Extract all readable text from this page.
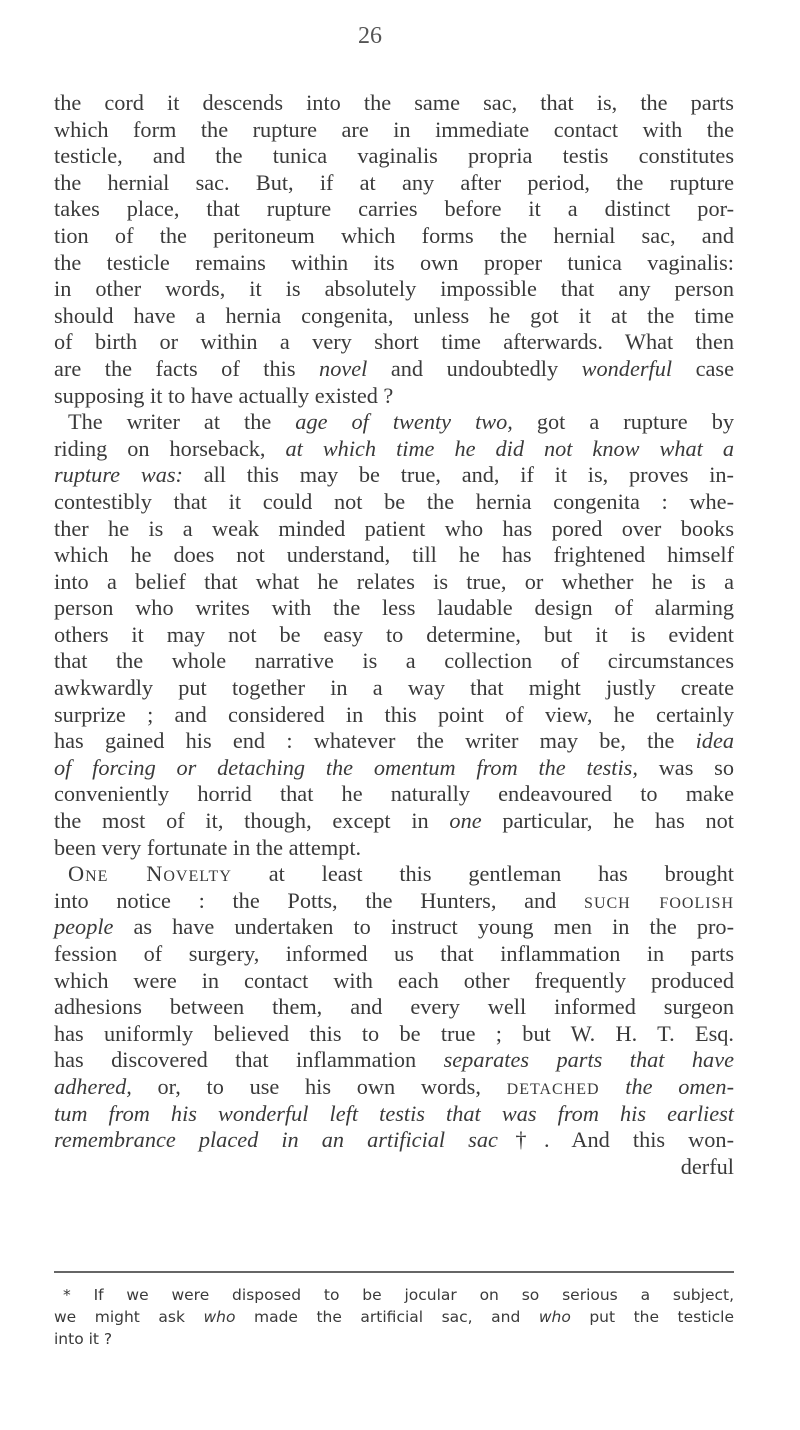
26
the cord it descends into the same sac, that is, the parts
which form the rupture are in immediate contact with the
testicle, and the tunica vaginalis propria testis constitutes
the hernial sac. But, if at any after period, the rupture
takes place, that rupture carries before it a distinct por-
tion of the peritoneum which forms the hernial sac, and
the testicle remains within its own proper tunica vaginalis:
in other words, it is absolutely impossible that any person
should have a hernia congenita, unless he got it at the time
of birth or within a very short time afterwards. What then
are the facts of this novel and undoubtedly wonderful case
supposing it to have actually existed ?
The writer at the age of twenty two, got a rupture by
riding on horseback, at which time he did not know what a
rupture was: all this may be true, and, if it is, proves in-
contestibly that it could not be the hernia congenita : whe-
ther he is a weak minded patient who has pored over books
which he does not understand, till he has frightened himself
into a belief that what he relates is true, or whether he is a
person who writes with the less laudable design of alarming
others it may not be easy to determine, but it is evident
that the whole narrative is a collection of circumstances
awkwardly put together in a way that might justly create
surprize ; and considered in this point of view, he certainly
has gained his end : whatever the writer may be, the idea
of forcing or detaching the omentum from the testis, was so
conveniently horrid that he naturally endeavoured to make
the most of it, though, except in one particular, he has not
been very fortunate in the attempt.
One Novelty at least this gentleman has brought
into notice : the Potts, the Hunters, and such foolish
people as have undertaken to instruct young men in the pro-
fession of surgery, informed us that inflammation in parts
which were in contact with each other frequently produced
adhesions between them, and every well informed surgeon
has uniformly believed this to be true ; but W. H. T. Esq.
has discovered that inflammation separates parts that have
adhered, or, to use his own words, detached the omen-
tum from his wonderful left testis that was from his earliest
remembrance placed in an artificial sac†. And this won-
derful
* If we were disposed to be jocular on so serious a subject,
we might ask who made the artificial sac, and who put the testicle
into it ?
